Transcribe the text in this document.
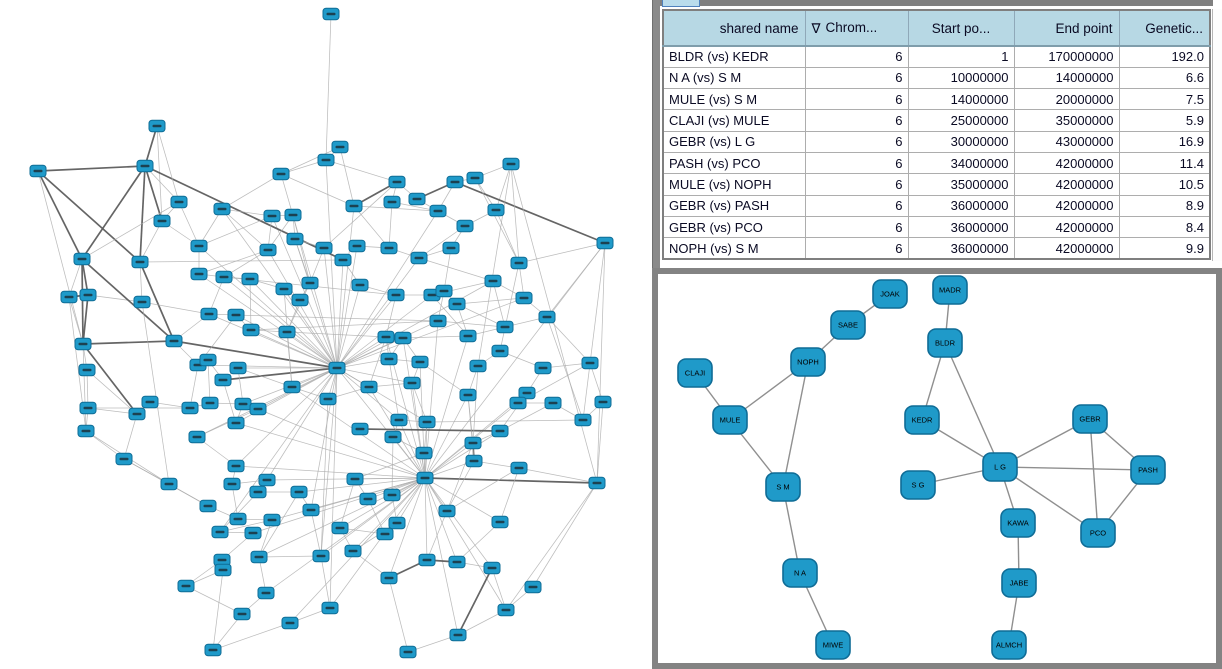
shared name	∇ Chrom...	Start po...	End point	Genetic...
BLDR (vs) KEDR	6	1	170000000	192.0
N A (vs) S M	6	10000000	14000000	6.6
MULE (vs) S M	6	14000000	20000000	7.5
CLAJI (vs) MULE	6	25000000	35000000	5.9
GEBR (vs) L G	6	30000000	43000000	16.9
PASH (vs) PCO	6	34000000	42000000	11.4
MULE (vs) NOPH	6	35000000	42000000	10.5
GEBR (vs) PASH	6	36000000	42000000	8.9
GEBR (vs) PCO	6	36000000	42000000	8.4
NOPH (vs) S M	6	36000000	42000000	9.9
JOAK	MADR
SABE
NOPH
CLAJI
MULE
S M
N A
MIWE
BLDR
KEDR
S G
L G
KAWA
JABE
ALMCH
GEBR
PASH
PCO
